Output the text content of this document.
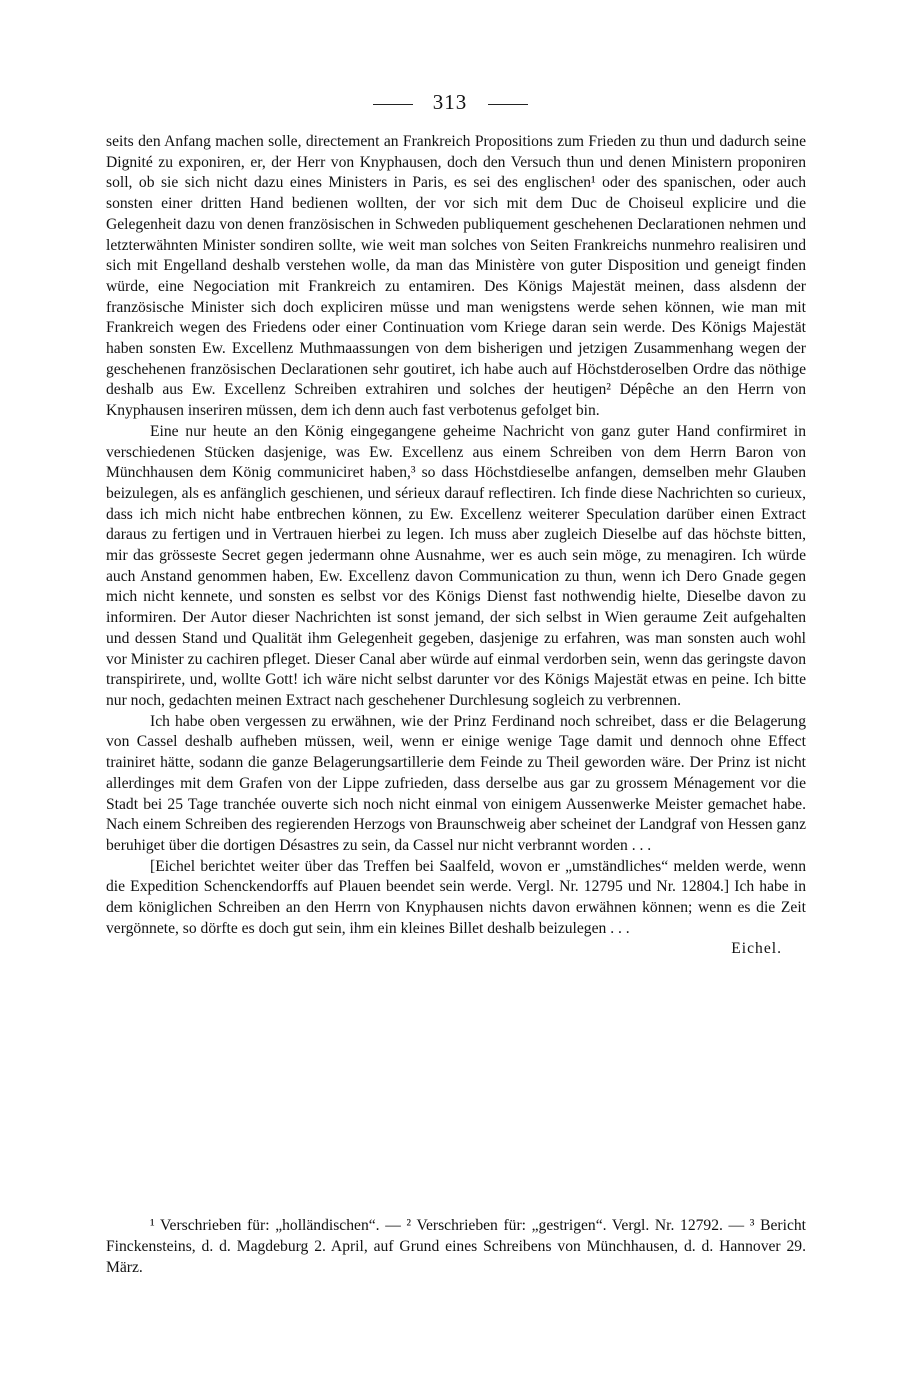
313

seits den Anfang machen solle, directement an Frankreich Propositions zum Frieden zu thun und dadurch seine Dignité zu exponiren, er, der Herr von Knyphausen, doch den Versuch thun und denen Ministern proponiren soll, ob sie sich nicht dazu eines Ministers in Paris, es sei des englischen¹ oder des spanischen, oder auch sonsten einer dritten Hand bedienen wollten, der vor sich mit dem Duc de Choiseul explicire und die Gelegenheit dazu von denen französischen in Schweden publiquement geschehenen Declarationen nehmen und letzterwähnten Minister sondiren sollte, wie weit man solches von Seiten Frankreichs nunmehro realisiren und sich mit Engelland deshalb verstehen wolle, da man das Ministère von guter Disposition und geneigt finden würde, eine Negociation mit Frankreich zu entamiren. Des Königs Majestät meinen, dass alsdenn der französische Minister sich doch expliciren müsse und man wenigstens werde sehen können, wie man mit Frankreich wegen des Friedens oder einer Continuation vom Kriege daran sein werde. Des Königs Majestät haben sonsten Ew. Excellenz Muthmaassungen von dem bisherigen und jetzigen Zusammenhang wegen der geschehenen französischen Declarationen sehr goutiret, ich habe auch auf Höchstderoselben Ordre das nöthige deshalb aus Ew. Excellenz Schreiben extrahiren und solches der heutigen² Dépêche an den Herrn von Knyphausen inseriren müssen, dem ich denn auch fast verbotenus gefolget bin.

Eine nur heute an den König eingegangene geheime Nachricht von ganz guter Hand confirmiret in verschiedenen Stücken dasjenige, was Ew. Excellenz aus einem Schreiben von dem Herrn Baron von Münchhausen dem König communiciret haben,³ so dass Höchstdieselbe anfangen, demselben mehr Glauben beizulegen, als es anfänglich geschienen, und sérieux darauf reflectiren. Ich finde diese Nachrichten so curieux, dass ich mich nicht habe entbrechen können, zu Ew. Excellenz weiterer Speculation darüber einen Extract daraus zu fertigen und in Vertrauen hierbei zu legen. Ich muss aber zugleich Dieselbe auf das höchste bitten, mir das grösseste Secret gegen jedermann ohne Ausnahme, wer es auch sein möge, zu menagiren. Ich würde auch Anstand genommen haben, Ew. Excellenz davon Communication zu thun, wenn ich Dero Gnade gegen mich nicht kennete, und sonsten es selbst vor des Königs Dienst fast nothwendig hielte, Dieselbe davon zu informiren. Der Autor dieser Nachrichten ist sonst jemand, der sich selbst in Wien geraume Zeit aufgehalten und dessen Stand und Qualität ihm Gelegenheit gegeben, dasjenige zu erfahren, was man sonsten auch wohl vor Minister zu cachiren pfleget. Dieser Canal aber würde auf einmal verdorben sein, wenn das geringste davon transpirirete, und, wollte Gott! ich wäre nicht selbst darunter vor des Königs Majestät etwas en peine. Ich bitte nur noch, gedachten meinen Extract nach geschehener Durchlesung sogleich zu verbrennen.

Ich habe oben vergessen zu erwähnen, wie der Prinz Ferdinand noch schreibet, dass er die Belagerung von Cassel deshalb aufheben müssen, weil, wenn er einige wenige Tage damit und dennoch ohne Effect trainiret hätte, sodann die ganze Belagerungsartillerie dem Feinde zu Theil geworden wäre. Der Prinz ist nicht allerdinges mit dem Grafen von der Lippe zufrieden, dass derselbe aus gar zu grossem Ménagement vor die Stadt bei 25 Tage tranchée ouverte sich noch nicht einmal von einigem Aussenwerke Meister gemachet habe. Nach einem Schreiben des regierenden Herzogs von Braunschweig aber scheinet der Landgraf von Hessen ganz beruhiget über die dortigen Désastres zu sein, da Cassel nur nicht verbrannt worden . . .

[Eichel berichtet weiter über das Treffen bei Saalfeld, wovon er „umständliches“ melden werde, wenn die Expedition Schenckendorffs auf Plauen beendet sein werde. Vergl. Nr. 12795 und Nr. 12804.] Ich habe in dem königlichen Schreiben an den Herrn von Knyphausen nichts davon erwähnen können; wenn es die Zeit vergönnete, so dörfte es doch gut sein, ihm ein kleines Billet deshalb beizulegen . . .

Eichel.

¹ Verschrieben für: „holländischen“. — ² Verschrieben für: „gestrigen“. Vergl. Nr. 12792. — ³ Bericht Finckensteins, d. d. Magdeburg 2. April, auf Grund eines Schreibens von Münchhausen, d. d. Hannover 29. März.
